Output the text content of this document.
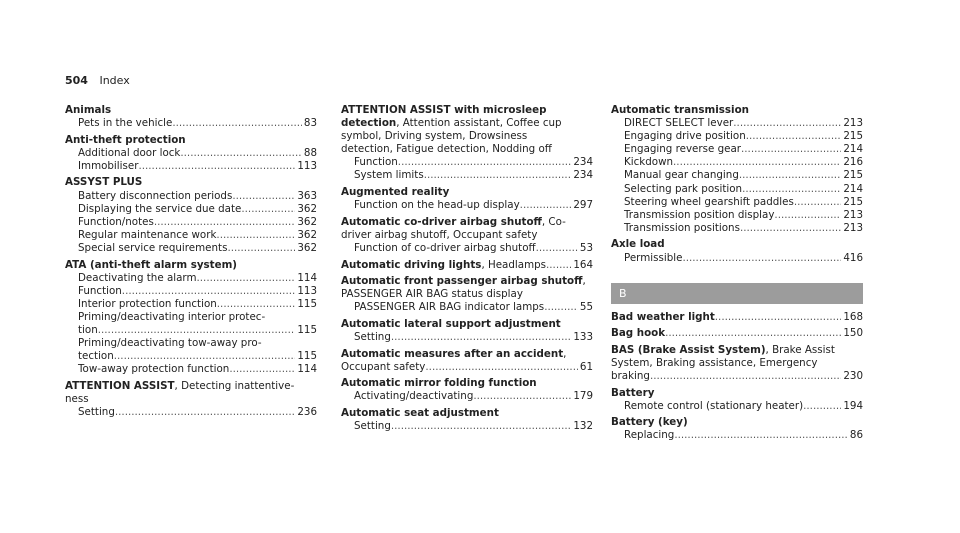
504 Index
Animals
Pets in the vehicle .....	83
Anti-theft protection
Additional door lock .....	88
Immobiliser .....	113
ASSYST PLUS
Battery disconnection periods .....	363
Displaying the service due date .....	362
Function/notes .....	362
Regular maintenance work .....	362
Special service requirements .....	362
ATA (anti-theft alarm system)
Deactivating the alarm .....	114
Function .....	113
Interior protection function .....	115
Priming/deactivating interior protec-
tion .....	115
Priming/deactivating tow-away pro-
tection .....	115
Tow-away protection function .....	114
ATTENTION ASSIST, Detecting inattentive-
ness
Setting .....	236
ATTENTION ASSIST with microsleep
detection, Attention assistant, Coffee cup
symbol, Driving system, Drowsiness
detection, Fatigue detection, Nodding off
Function .....	234
System limits .....	234
Augmented reality
Function on the head-up display .....	297
Automatic co-driver airbag shutoff, Co-
driver airbag shutoff, Occupant safety
Function of co-driver airbag shutoff .....	53
Automatic driving lights , Headlamps .....	164
Automatic front passenger airbag shutoff,
PASSENGER AIR BAG status display
PASSENGER AIR BAG indicator lamps .....	55
Automatic lateral support adjustment
Setting .....	133
Automatic measures after an accident,
Occupant safety .....	61
Automatic mirror folding function
Activating/deactivating .....	179
Automatic seat adjustment
Setting .....	132
Automatic transmission
DIRECT SELECT lever .....	213
Engaging drive position .....	215
Engaging reverse gear .....	214
Kickdown .....	216
Manual gear changing .....	215
Selecting park position .....	214
Steering wheel gearshift paddles .....	215
Transmission position display .....	213
Transmission positions .....	213
Axle load
Permissible .....	416
B
Bad weather light .....	168
Bag hook .....	150
BAS (Brake Assist System), Brake Assist
System, Braking assistance, Emergency
braking .....	230
Battery
Remote control (stationary heater) .....	194
Battery (key)
Replacing .....	86
